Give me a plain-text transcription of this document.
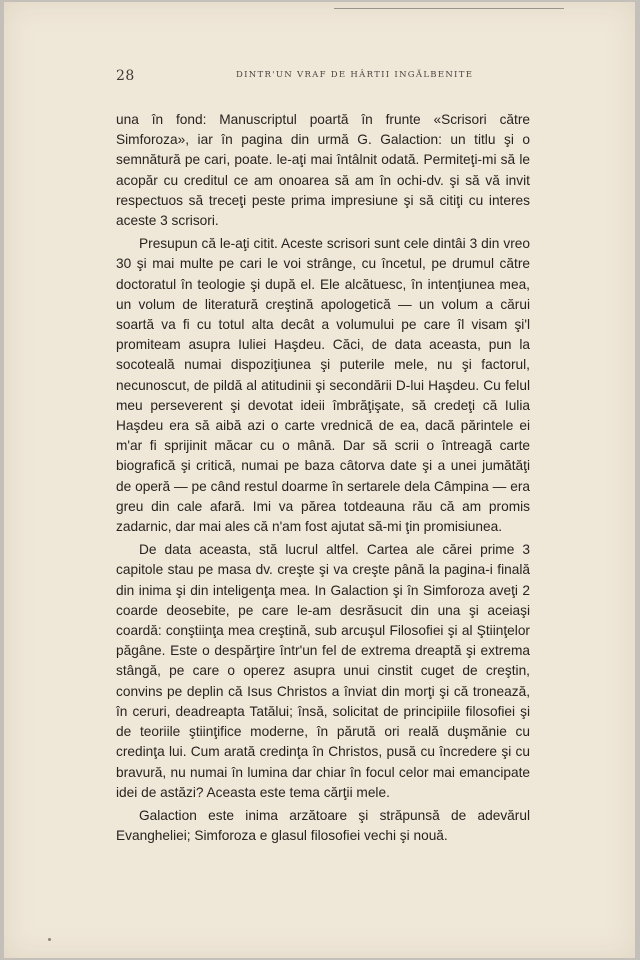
28	DINTR'UN VRAF DE HÂRTII INGĂLBENITE

una în fond: Manuscriptul poartă în frunte «Scrisori către Simforoza», iar în pagina din urmă G. Galaction: un titlu şi o semnătură pe cari, poate. le-aţi mai întâlnit odată. Permiteţi-mi să le acopăr cu creditul ce am onoarea să am în ochi-dv. şi să vă invit respectuos să treceţi peste prima impresiune şi să citiţi cu interes aceste 3 scrisori.

Presupun că le-aţi citit. Aceste scrisori sunt cele dintâi 3 din vreo 30 şi mai multe pe cari le voi strânge, cu încetul, pe drumul către doctoratul în teologie şi după el. Ele alcătuesc, în intenţiunea mea, un volum de literatură creştină apologetică — un volum a cărui soartă va fi cu totul alta decât a volumului pe care îl visam şi'l promiteam asupra Iuliei Haşdeu. Căci, de data aceasta, pun la socoteală numai dispoziţiunea şi puterile mele, nu şi factorul, necunoscut, de pildă al atitudinii şi secondării D-lui Haşdeu. Cu felul meu perseverent şi devotat ideii îmbrăţişate, să credeţi că Iulia Haşdeu era să aibă azi o carte vrednică de ea, dacă părintele ei m'ar fi sprijinit măcar cu o mână. Dar să scrii o întreagă carte biografică şi critică, numai pe baza câtorva date şi a unei jumătăţi de operă — pe când restul doarme în sertarele dela Câmpina — era greu din cale afară. Imi va părea totdeauna rău că am promis zadarnic, dar mai ales că n'am fost ajutat să-mi ţin promisiunea.

De data aceasta, stă lucrul altfel. Cartea ale cărei prime 3 capitole stau pe masa dv. creşte şi va creşte până la pagina-i finală din inima şi din inteligenţa mea. In Galaction şi în Simforoza aveţi 2 coarde deosebite, pe care le-am desrăsucit din una şi aceiaşi coardă: conştiinţa mea creştină, sub arcuşul Filosofiei şi al Ştiinţelor păgâne. Este o despărţire într'un fel de extrema dreaptă şi extrema stângă, pe care o operez asupra unui cinstit cuget de creştin, convins pe deplin că Isus Christos a înviat din morţi şi că tronează, în ceruri, deadreapta Tatălui; însă, solicitat de principiile filosofiei şi de teoriile ştiinţifice moderne, în părută ori reală duşmănie cu credinţa lui. Cum arată credinţa în Christos, pusă cu încredere şi cu bravură, nu numai în lumina dar chiar în focul celor mai emancipate idei de astăzi? Aceasta este tema cărţii mele.

Galaction este inima arzătoare şi străpunsă de adevărul Evangheliei; Simforoza e glasul filosofiei vechi şi nouă.
